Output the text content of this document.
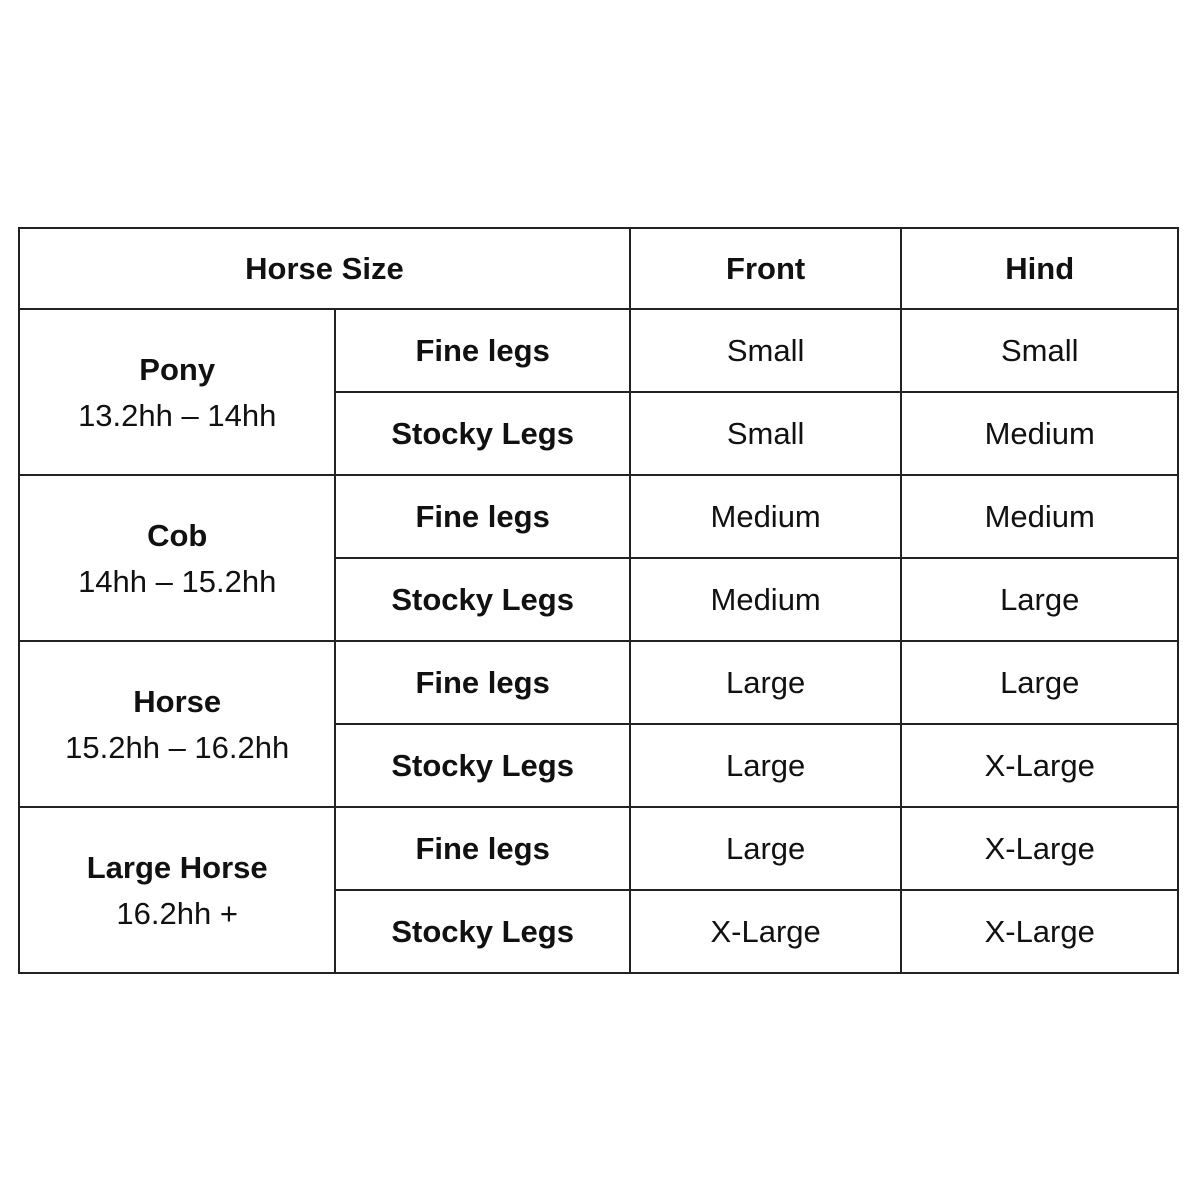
Horse Size		Front	Hind

Pony
13.2hh – 14hh	Fine legs	Small	Small
	Stocky Legs	Small	Medium

Cob
14hh – 15.2hh	Fine legs	Medium	Medium
	Stocky Legs	Medium	Large

Horse
15.2hh – 16.2hh	Fine legs	Large	Large
	Stocky Legs	Large	X-Large

Large Horse
16.2hh +	Fine legs	Large	X-Large
	Stocky Legs	X-Large	X-Large
